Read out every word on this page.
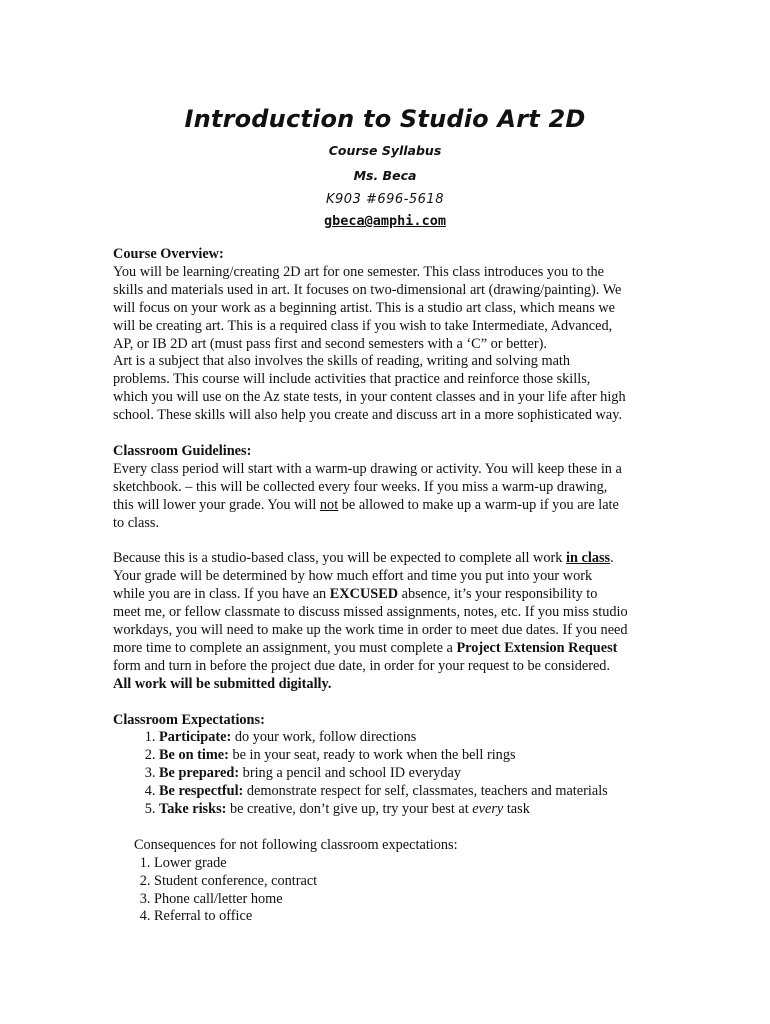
Introduction to Studio Art 2D
Course Syllabus
Ms. Beca
K903 #696-5618
gbeca@amphi.com

Course Overview:

You will be learning/creating 2D art for one semester. This class introduces you to the

skills and materials used in art. It focuses on two-dimensional art (drawing/painting). We

will focus on your work as a beginning artist. This is a studio art class, which means we

will be creating art. This is a required class if you wish to take Intermediate, Advanced,

AP, or IB 2D art (must pass first and second semesters with a ‘C” or better).

Art is a subject that also involves the skills of reading, writing and solving math

problems. This course will include activities that practice and reinforce those skills,

which you will use on the Az state tests, in your content classes and in your life after high

school. These skills will also help you create and discuss art in a more sophisticated way.

Classroom Guidelines:

Every class period will start with a warm-up drawing or activity. You will keep these in a

sketchbook. – this will be collected every four weeks. If you miss a warm-up drawing,

this will lower your grade. You will not be allowed to make up a warm-up if you are late

to class.

Because this is a studio-based class, you will be expected to complete all work in class.

Your grade will be determined by how much effort and time you put into your work

while you are in class. If you have an EXCUSED absence, it’s your responsibility to

meet me, or fellow classmate to discuss missed assignments, notes, etc. If you miss studio

workdays, you will need to make up the work time in order to meet due dates. If you need

more time to complete an assignment, you must complete a Project Extension Request

form and turn in before the project due date, in order for your request to be considered.

All work will be submitted digitally.

Classroom Expectations:

1. Participate: do your work, follow directions
2. Be on time: be in your seat, ready to work when the bell rings
3. Be prepared: bring a pencil and school ID everyday
4. Be respectful: demonstrate respect for self, classmates, teachers and materials
5. Take risks: be creative, don’t give up, try your best at every task

Consequences for not following classroom expectations:

1. Lower grade
2. Student conference, contract
3. Phone call/letter home
4. Referral to office
